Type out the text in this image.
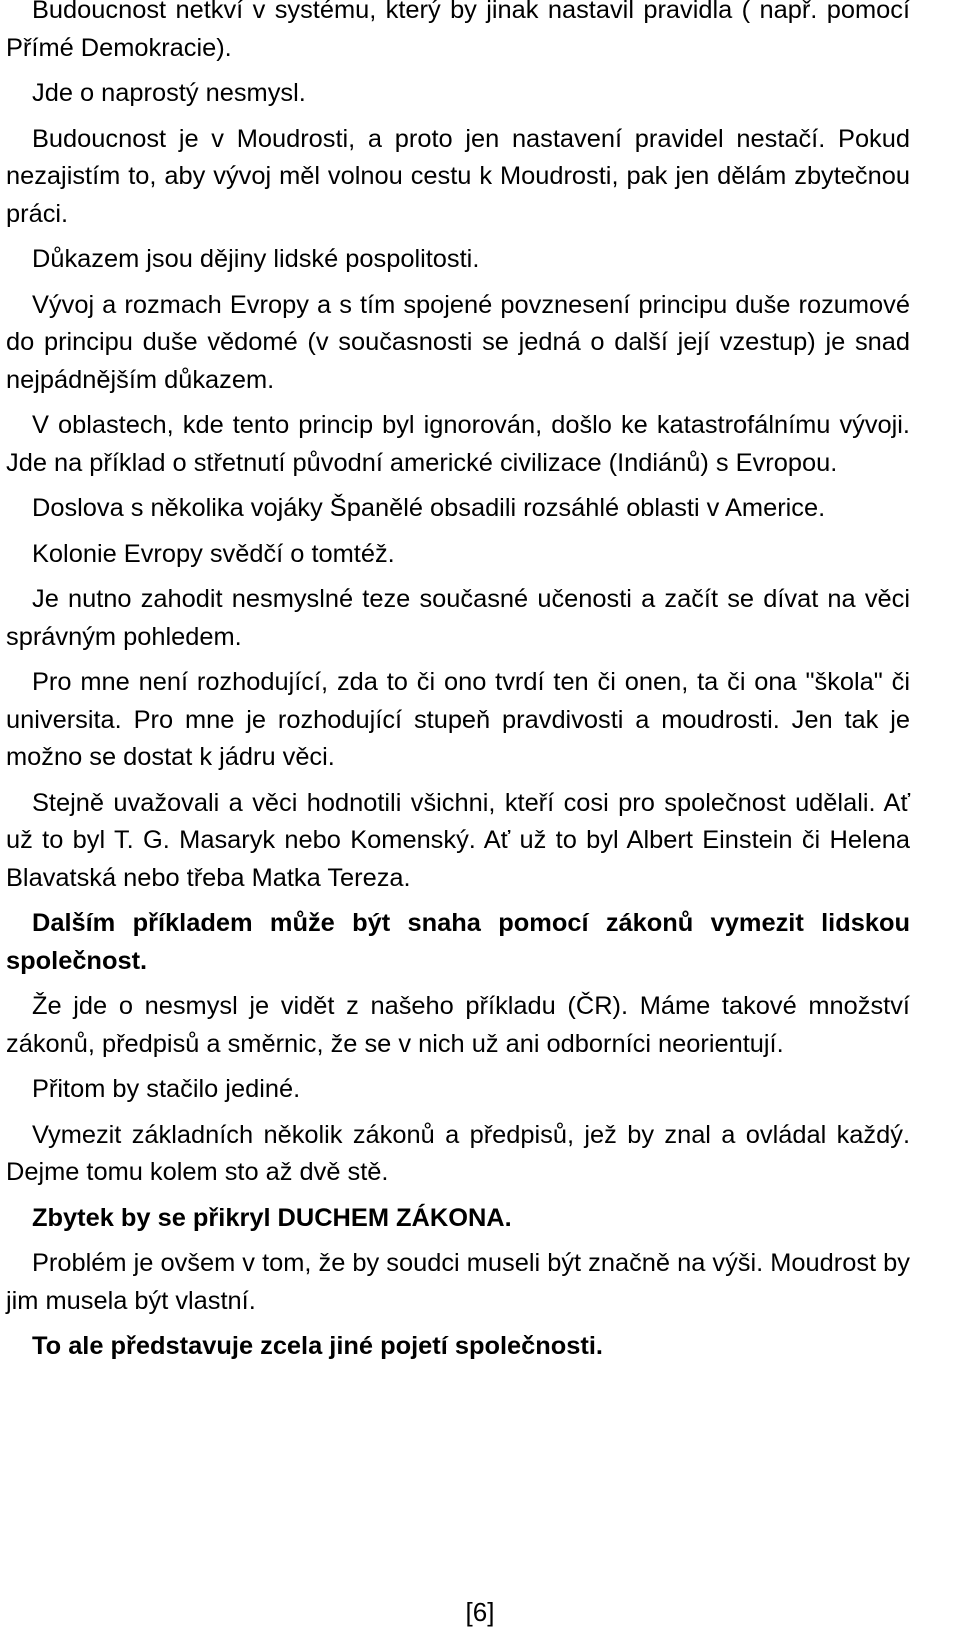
Budoucnost netkví v systému, který by jinak nastavil pravidla ( např. pomocí Přímé Demokracie).

Jde o naprostý nesmysl.

Budoucnost je v Moudrosti, a proto jen nastavení pravidel nestačí. Pokud nezajistím to, aby vývoj měl volnou cestu k Moudrosti, pak jen dělám zbytečnou práci.

Důkazem jsou dějiny lidské pospolitosti.

Vývoj a rozmach Evropy a s tím spojené povznesení principu duše rozumové do principu duše vědomé (v současnosti se jedná o další její vzestup) je snad nejpádnějším důkazem.

V oblastech, kde tento princip byl ignorován, došlo ke katastrofálnímu vývoji. Jde na příklad o střetnutí původní americké civilizace (Indiánů) s Evropou.

Doslova s několika vojáky Španělé obsadili rozsáhlé oblasti v Americe.

Kolonie Evropy svědčí o tomtéž.

Je nutno zahodit nesmyslné teze současné učenosti a začít se dívat na věci správným pohledem.

Pro mne není rozhodující, zda to či ono tvrdí ten či onen, ta či ona "škola" či universita. Pro mne je rozhodující stupeň pravdivosti a moudrosti. Jen tak je možno se dostat k jádru věci.

Stejně uvažovali a věci hodnotili všichni, kteří cosi pro společnost udělali. Ať už to byl T. G. Masaryk nebo Komenský. Ať už to byl Albert Einstein či Helena Blavatská nebo třeba Matka Tereza.

Dalším příkladem může být snaha pomocí zákonů vymezit lidskou společnost.

Že jde o nesmysl je vidět z našeho příkladu (ČR). Máme takové množství zákonů, předpisů a směrnic, že se v nich už ani odborníci neorientují.

Přitom by stačilo jediné.

Vymezit základních několik zákonů a předpisů, jež by znal a ovládal každý. Dejme tomu kolem sto až dvě stě.

Zbytek by se přikryl DUCHEM ZÁKONA.

Problém je ovšem v tom, že by soudci museli být značně na výši. Moudrost by jim musela být vlastní.

To ale představuje zcela jiné pojetí společnosti.

[6]
